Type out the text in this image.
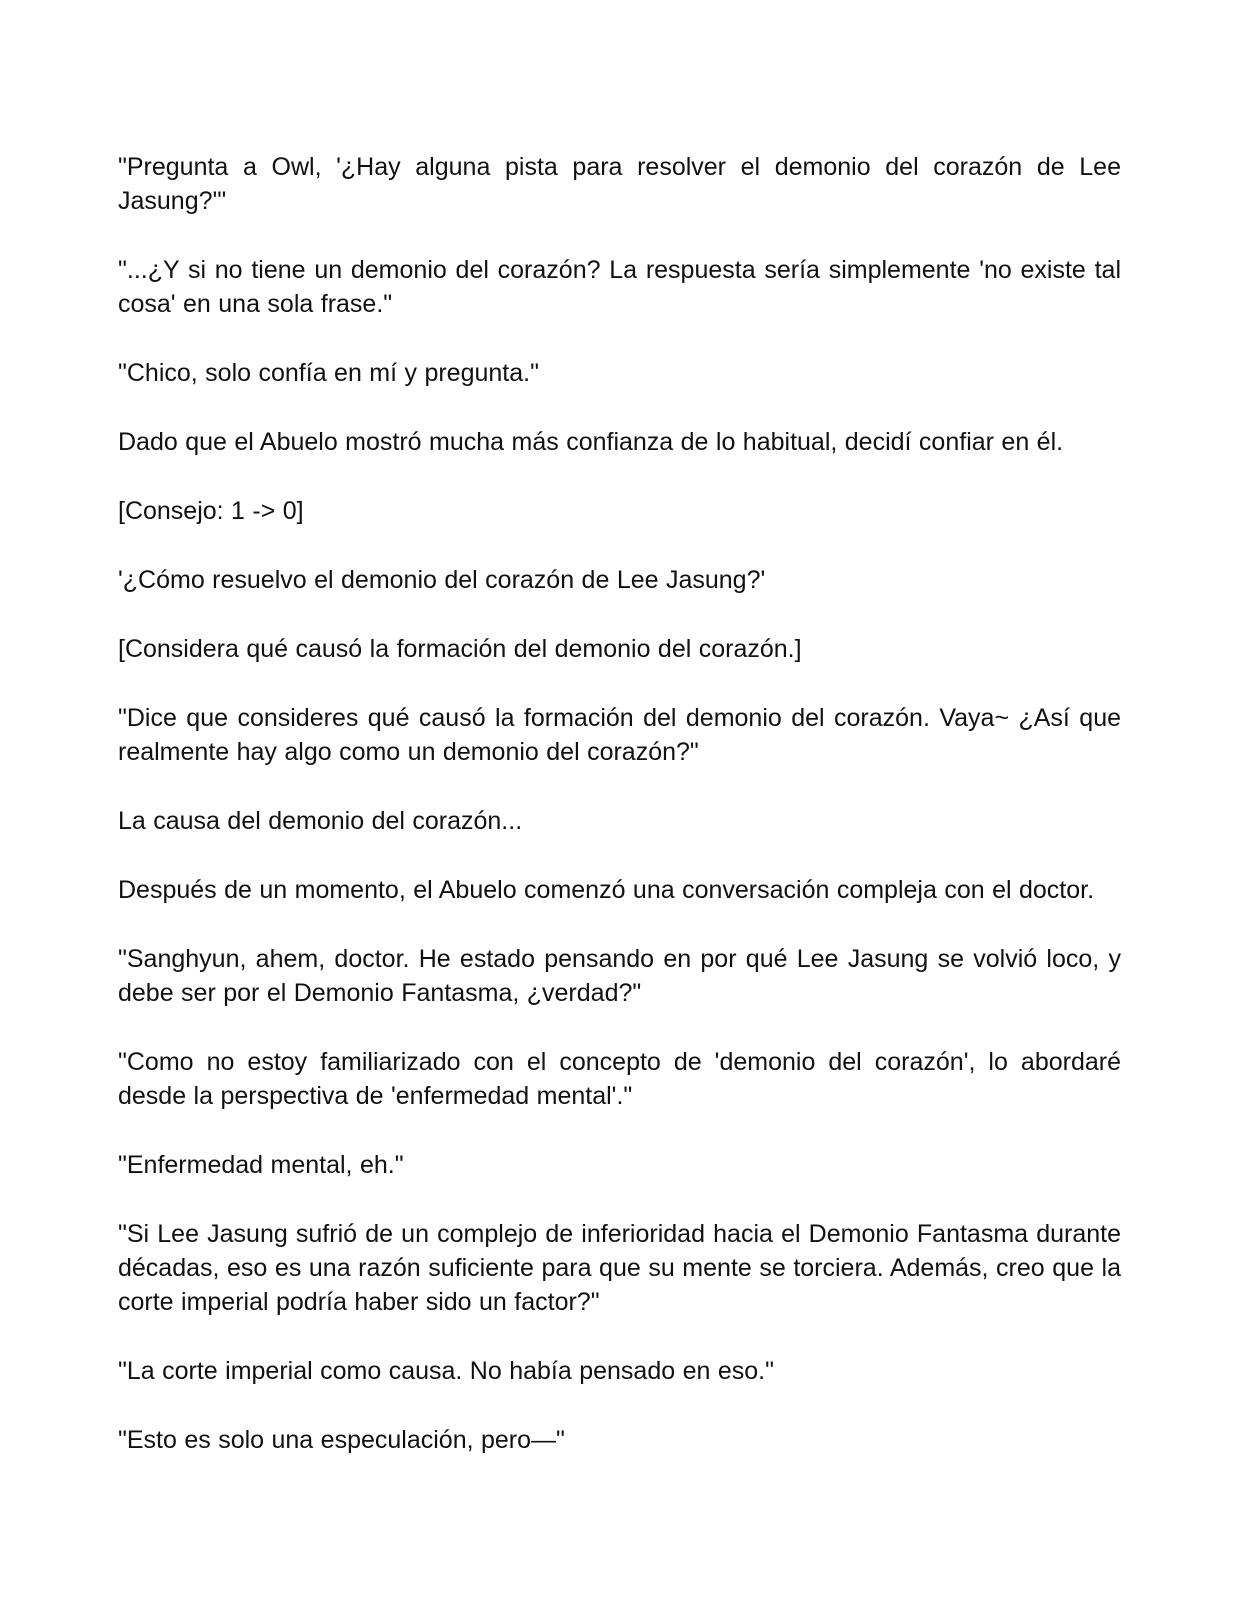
"Pregunta a Owl, '¿Hay alguna pista para resolver el demonio del corazón de Lee Jasung?'"

"...¿Y si no tiene un demonio del corazón? La respuesta sería simplemente 'no existe tal cosa' en una sola frase."

"Chico, solo confía en mí y pregunta."

Dado que el Abuelo mostró mucha más confianza de lo habitual, decidí confiar en él.

[Consejo: 1 -> 0]

'¿Cómo resuelvo el demonio del corazón de Lee Jasung?'

[Considera qué causó la formación del demonio del corazón.]

"Dice que consideres qué causó la formación del demonio del corazón. Vaya~ ¿Así que realmente hay algo como un demonio del corazón?"

La causa del demonio del corazón...

Después de un momento, el Abuelo comenzó una conversación compleja con el doctor.

"Sanghyun, ahem, doctor. He estado pensando en por qué Lee Jasung se volvió loco, y debe ser por el Demonio Fantasma, ¿verdad?"

"Como no estoy familiarizado con el concepto de 'demonio del corazón', lo abordaré desde la perspectiva de 'enfermedad mental'."

"Enfermedad mental, eh."

"Si Lee Jasung sufrió de un complejo de inferioridad hacia el Demonio Fantasma durante décadas, eso es una razón suficiente para que su mente se torciera. Además, creo que la corte imperial podría haber sido un factor?"

"La corte imperial como causa. No había pensado en eso."

"Esto es solo una especulación, pero—"
